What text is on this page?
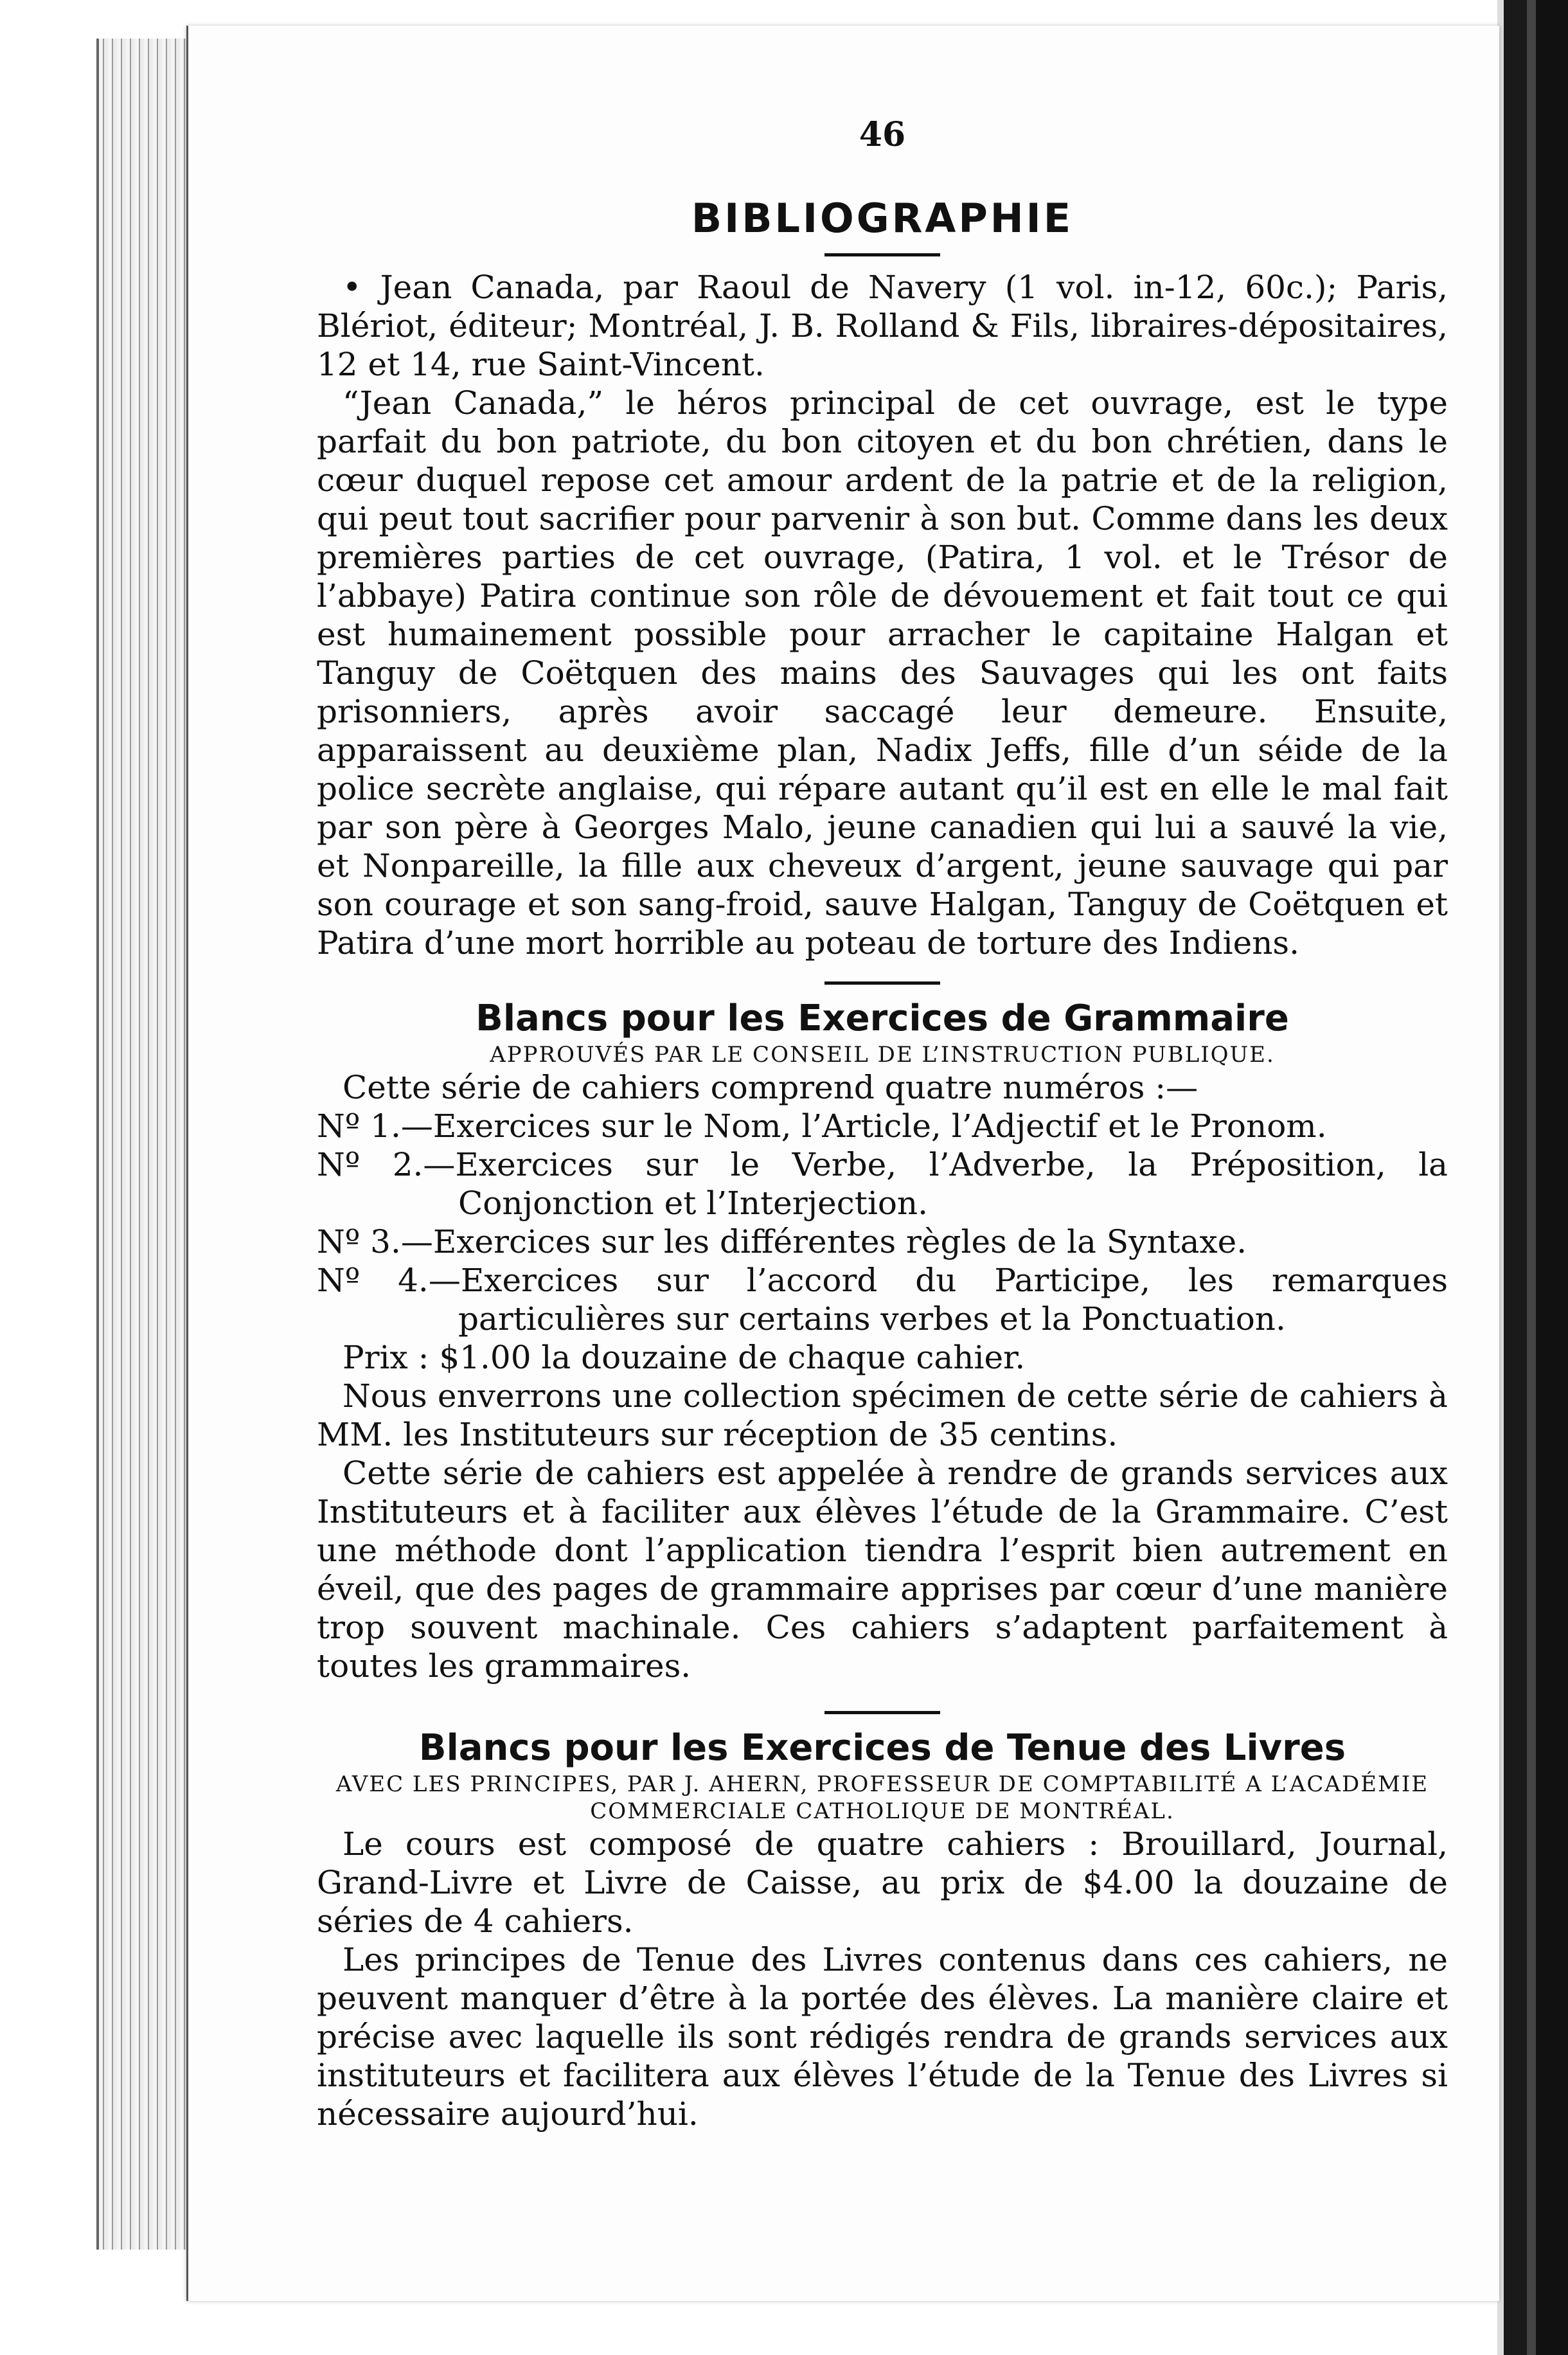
46
BIBLIOGRAPHIE

• Jean Canada, par Raoul de Navery (1 vol. in-12, 60c.); Paris, Blériot, éditeur; Montréal, J. B. Rolland & Fils, libraires-dépositaires, 12 et 14, rue Saint-Vincent.

“Jean Canada,” le héros principal de cet ouvrage, est le type parfait du bon patriote, du bon citoyen et du bon chrétien, dans le cœur duquel repose cet amour ardent de la patrie et de la religion, qui peut tout sacrifier pour parvenir à son but. Comme dans les deux premières parties de cet ouvrage, (Patira, 1 vol. et le Trésor de l’abbaye) Patira continue son rôle de dévouement et fait tout ce qui est humainement possible pour arracher le capitaine Halgan et Tanguy de Coëtquen des mains des Sauvages qui les ont faits prisonniers, après avoir saccagé leur demeure. Ensuite, apparaissent au deuxième plan, Nadix Jeffs, fille d’un séide de la police secrète anglaise, qui répare autant qu’il est en elle le mal fait par son père à Georges Malo, jeune canadien qui lui a sauvé la vie, et Nonpareille, la fille aux cheveux d’argent, jeune sauvage qui par son courage et son sang-froid, sauve Halgan, Tanguy de Coëtquen et Patira d’une mort horrible au poteau de torture des Indiens.

Blancs pour les Exercices de Grammaire

APPROUVÉS PAR LE CONSEIL DE L’INSTRUCTION PUBLIQUE.

Cette série de cahiers comprend quatre numéros :—

Nº 1.—Exercices sur le Nom, l’Article, l’Adjectif et le Pronom.

Nº 2.—Exercices sur le Verbe, l’Adverbe, la Préposition, la Conjonction et l’Interjection.

Nº 3.—Exercices sur les différentes règles de la Syntaxe.

Nº 4.—Exercices sur l’accord du Participe, les remarques particulières sur certains verbes et la Ponctuation.

Prix : $1.00 la douzaine de chaque cahier.

Nous enverrons une collection spécimen de cette série de cahiers à MM. les Instituteurs sur réception de 35 centins.

Cette série de cahiers est appelée à rendre de grands services aux Instituteurs et à faciliter aux élèves l’étude de la Grammaire. C’est une méthode dont l’application tiendra l’esprit bien autrement en éveil, que des pages de grammaire apprises par cœur d’une manière trop souvent machinale. Ces cahiers s’adaptent parfaitement à toutes les grammaires.

Blancs pour les Exercices de Tenue des Livres

AVEC LES PRINCIPES, PAR J. AHERN, PROFESSEUR DE COMPTABILITÉ A L’ACADÉMIE COMMERCIALE CATHOLIQUE DE MONTRÉAL.

Le cours est composé de quatre cahiers : Brouillard, Journal, Grand-Livre et Livre de Caisse, au prix de $4.00 la douzaine de séries de 4 cahiers.

Les principes de Tenue des Livres contenus dans ces cahiers, ne peuvent manquer d’être à la portée des élèves. La manière claire et précise avec laquelle ils sont rédigés rendra de grands services aux instituteurs et facilitera aux élèves l’étude de la Tenue des Livres si nécessaire aujourd’hui.
